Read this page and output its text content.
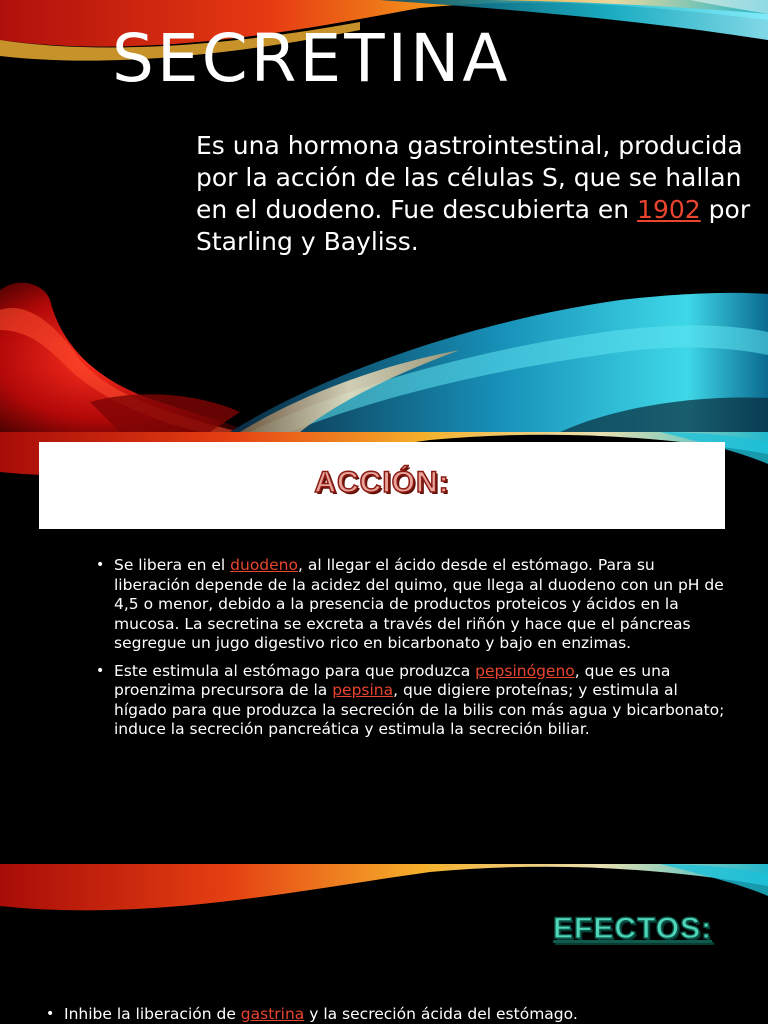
SECRETINA

Es una hormona gastrointestinal, producida por la acción de las células S, que se hallan en el duodeno. Fue descubierta en 1902 por Starling y Bayliss.

ACCIÓN:
• Se libera en el duodeno, al llegar el ácido desde el estómago. Para su liberación depende de la acidez del quimo, que llega al duodeno con un pH de 4,5 o menor, debido a la presencia de productos proteicos y ácidos en la mucosa. La secretina se excreta a través del riñón y hace que el páncreas segregue un jugo digestivo rico en bicarbonato y bajo en enzimas.
• Este estimula al estómago para que produzca pepsinógeno, que es una proenzima precursora de la pepsina, que digiere proteínas; y estimula al hígado para que produzca la secreción de la bilis con más agua y bicarbonato; induce la secreción pancreática y estimula la secreción biliar.
EFECTOS:
• Inhibe la liberación de gastrina y la secreción ácida del estómago.
